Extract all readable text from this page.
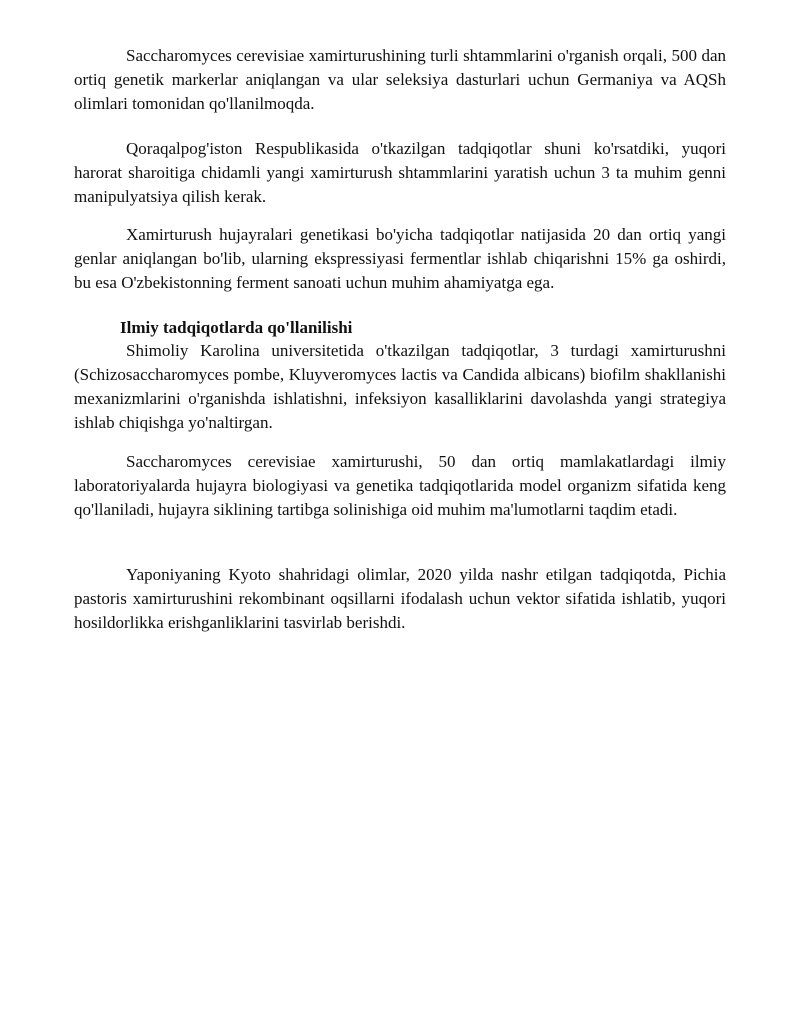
Saccharomyces cerevisiae xamirturushining turli shtammlarini o'rganish orqali, 500 dan ortiq genetik markerlar aniqlangan va ular seleksiya dasturlari uchun Germaniya va AQSh olimlari tomonidan qo'llanilmoqda.

Qoraqalpog'iston Respublikasida o'tkazilgan tadqiqotlar shuni ko'rsatdiki, yuqori harorat sharoitiga chidamli yangi xamirturush shtammlarini yaratish uchun 3 ta muhim genni manipulyatsiya qilish kerak.

Xamirturush hujayralari genetikasi bo'yicha tadqiqotlar natijasida 20 dan ortiq yangi genlar aniqlangan bo'lib, ularning ekspressiyasi fermentlar ishlab chiqarishni 15% ga oshirdi, bu esa O'zbekistonning ferment sanoati uchun muhim ahamiyatga ega.

Ilmiy tadqiqotlarda qo'llanilishi

Shimoliy Karolina universitetida o'tkazilgan tadqiqotlar, 3 turdagi xamirturushni (Schizosaccharomyces pombe, Kluyveromyces lactis va Candida albicans) biofilm shakllanishi mexanizmlarini o'rganishda ishlatishni, infeksiyon kasalliklarini davolashda yangi strategiya ishlab chiqishga yo'naltirgan.

Saccharomyces cerevisiae xamirturushi, 50 dan ortiq mamlakatlardagi ilmiy laboratoriyalarda hujayra biologiyasi va genetika tadqiqotlarida model organizm sifatida keng qo'llaniladi, hujayra siklining tartibga solinishiga oid muhim ma'lumotlarni taqdim etadi.

Yaponiyaning Kyoto shahridagi olimlar, 2020 yilda nashr etilgan tadqiqotda, Pichia pastoris xamirturushini rekombinant oqsillarni ifodalash uchun vektor sifatida ishlatib, yuqori hosildorlikka erishganliklarini tasvirlab berishdi.
